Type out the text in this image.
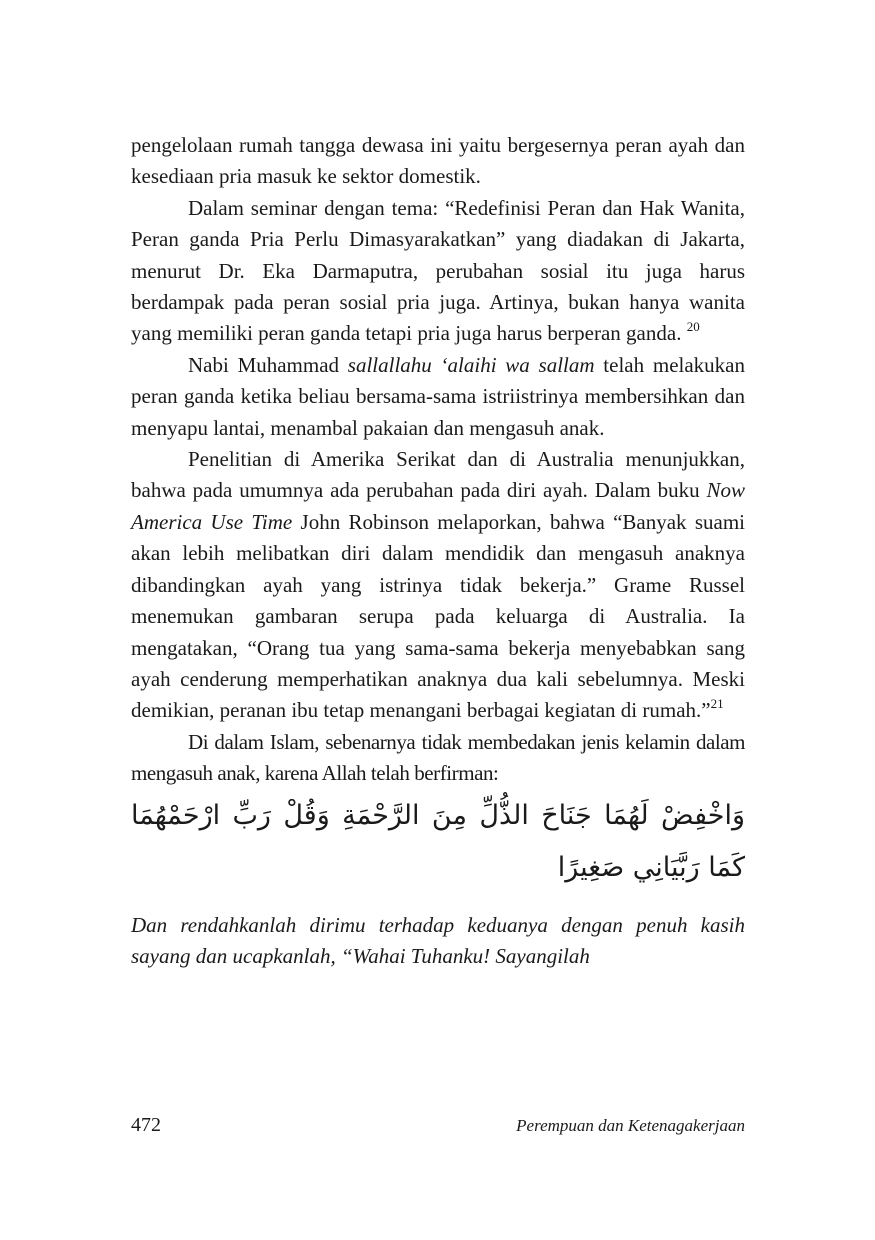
pengelolaan rumah tangga dewasa ini yaitu bergesernya peran ayah dan kesediaan pria masuk ke sektor domestik.

Dalam seminar dengan tema: “Redefinisi Peran dan Hak Wanita, Peran ganda Pria Perlu Dimasyarakatkan” yang diadakan di Jakarta, menurut Dr. Eka Darmaputra, perubahan sosial itu juga harus berdampak pada peran sosial pria juga. Artinya, bukan hanya wanita yang memiliki peran ganda tetapi pria juga harus berperan ganda. $^{20}$

Nabi Muhammad sallallahu ‘alaihi wa sallam telah melakukan peran ganda ketika beliau bersama-sama istriistrinya membersihkan dan menyapu lantai, menambal pakaian dan mengasuh anak.

Penelitian di Amerika Serikat dan di Australia menunjukkan, bahwa pada umumnya ada perubahan pada diri ayah. Dalam buku Now America Use Time John Robinson melaporkan, bahwa “Banyak suami akan lebih melibatkan diri dalam mendidik dan mengasuh anaknya dibandingkan ayah yang istrinya tidak bekerja.” Grame Russel menemukan gambaran serupa pada keluarga di Australia. Ia mengatakan, “Orang tua yang sama-sama bekerja menyebabkan sang ayah cenderung memperhatikan anaknya dua kali sebelumnya. Meski demikian, peranan ibu tetap menangani berbagai kegiatan di rumah.”$^{21}$

Di dalam Islam, sebenarnya tidak membedakan jenis kelamin dalam mengasuh anak, karena Allah telah berfirman:

وَاخْفِضْ لَهُمَا جَنَاحَ الذُّلِّ مِنَ الرَّحْمَةِ وَقُلْ رَبِّ ارْحَمْهُمَا كَمَا رَبَّيَانِي صَغِيرًا

Dan rendahkanlah dirimu terhadap keduanya dengan penuh kasih sayang dan ucapkanlah, “Wahai Tuhanku! Sayangilah

472	Perempuan dan Ketenagakerjaan
